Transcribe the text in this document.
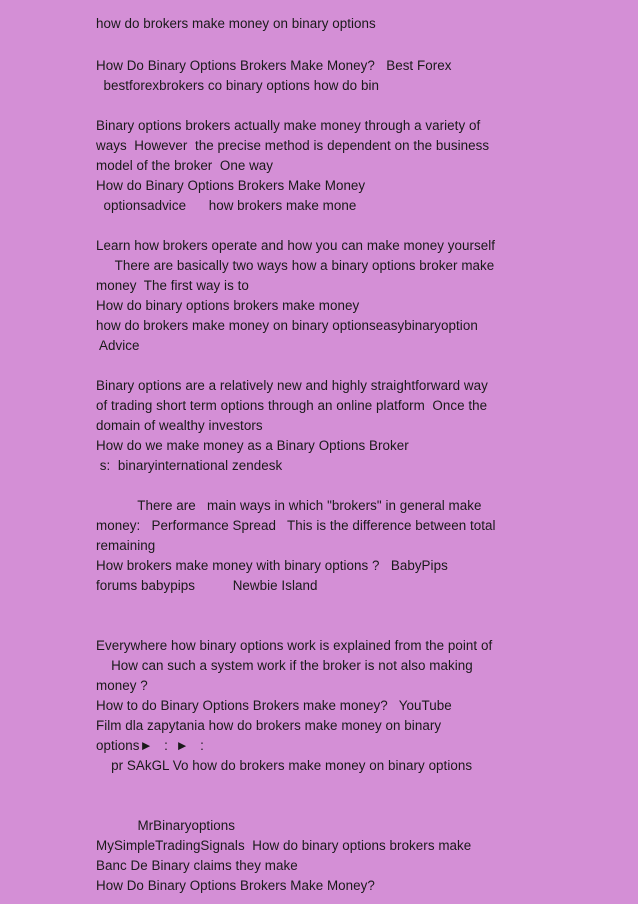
how do brokers make money on binary options
How Do Binary Options Brokers Make Money?   Best Forex
bestforexbrokers co binary options how do bin
Binary options brokers actually make money through a variety of
ways  However  the precise method is dependent on the business
model of the broker  One way
How do Binary Options Brokers Make Money
optionsadvice      how brokers make mone
Learn how brokers operate and how you can make money yourself
There are basically two ways how a binary options broker make
money  The first way is to
How do binary options brokers make money
how do brokers make money on binary optionseasybinaryoption
Advice
Binary options are a relatively new and highly straightforward way
of trading short term options through an online platform  Once the
domain of wealthy investors
How do we make money as a Binary Options Broker
s:  binaryinternational zendesk
There are   main ways in which "brokers" in general make
money:   Performance Spread   This is the difference between total
remaining
How brokers make money with binary options ?   BabyPips
forums babypips          Newbie Island
Everywhere how binary options work is explained from the point of
How can such a system work if the broker is not also making
money ?
How to do Binary Options Brokers make money?   YouTube
Film dla zapytania how do brokers make money on binary
options►   :  ►   :
pr SAkGL Vo how do brokers make money on binary options
MrBinaryoptions
MySimpleTradingSignals  How do binary options brokers make
Banc De Binary claims they make
How Do Binary Options Brokers Make Money?
